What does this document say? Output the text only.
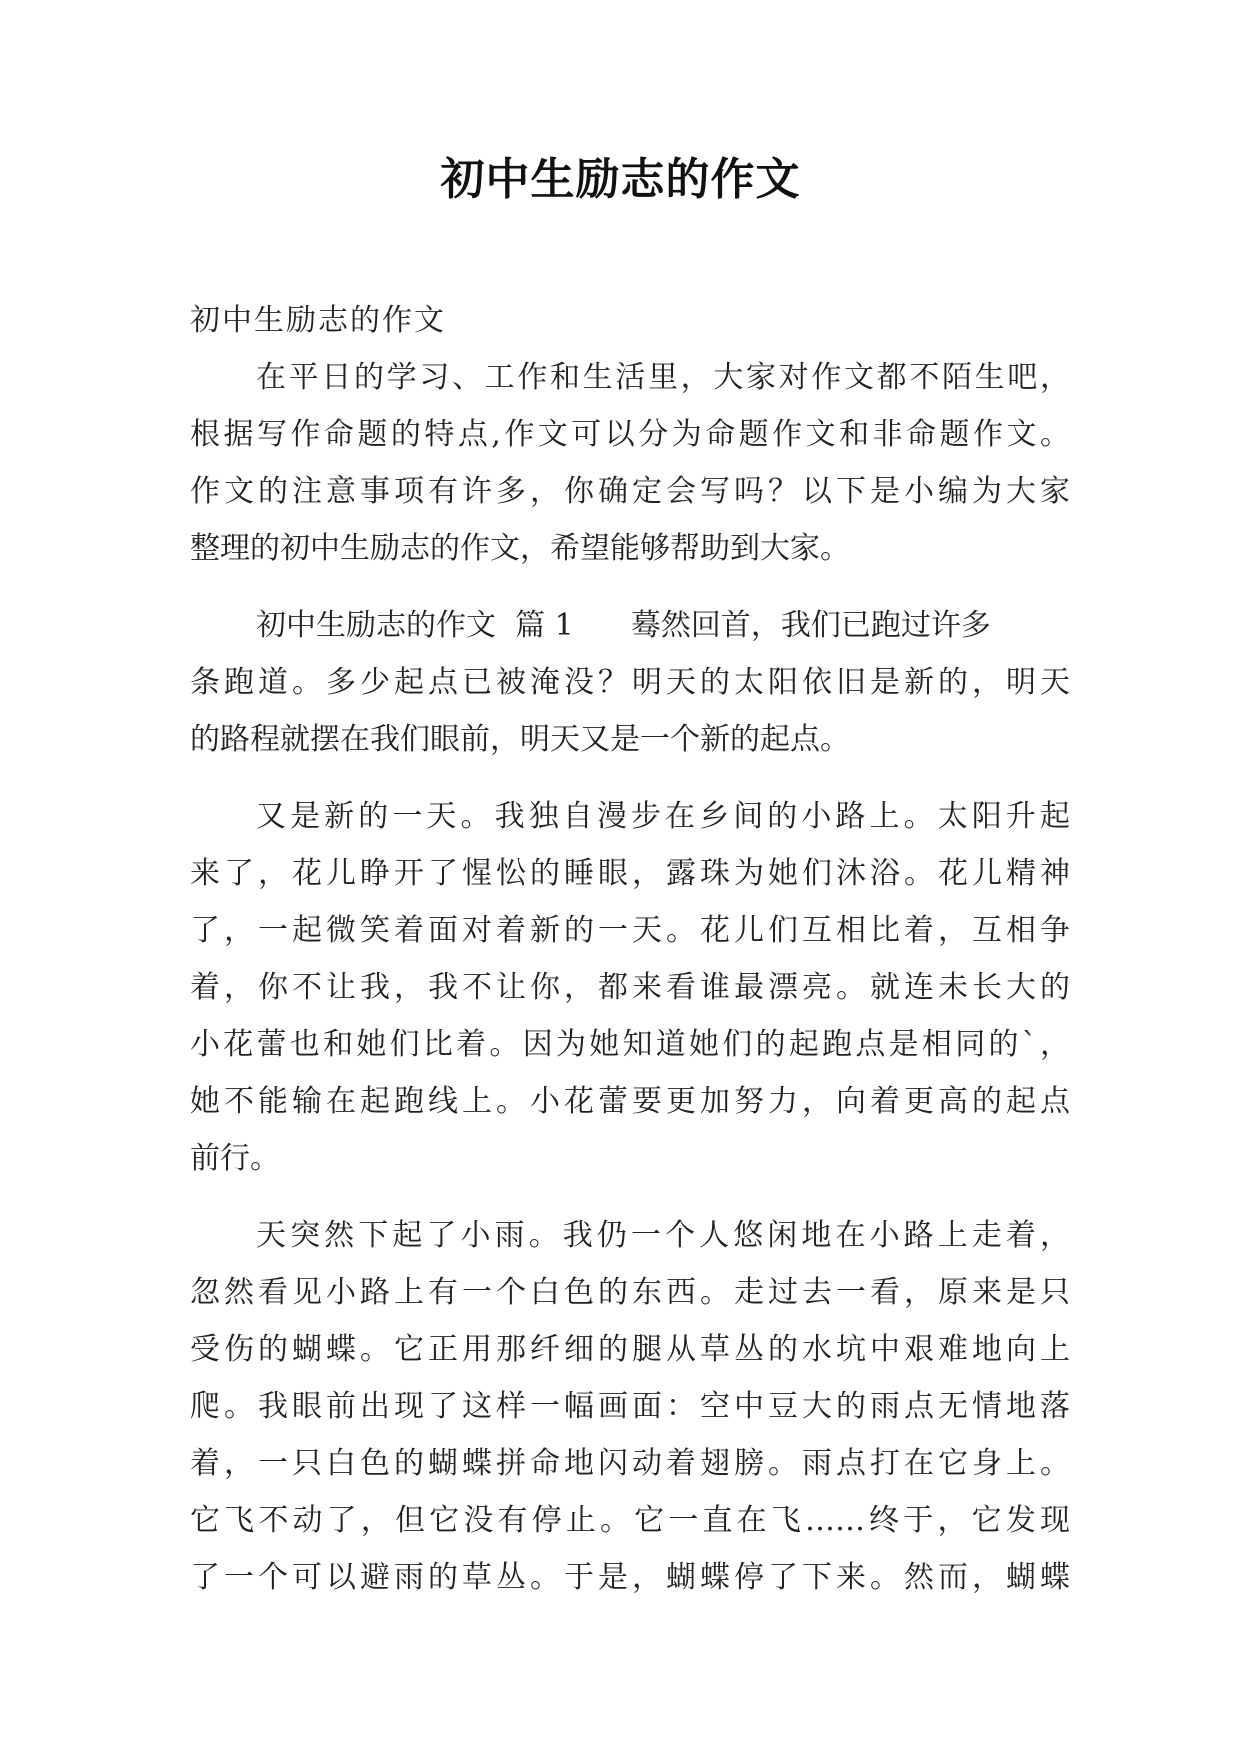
初中生励志的作文
初中生励志的作文
在平日的学习、工作和生活里，大家对作文都不陌生吧，
根据写作命题的特点,作文可以分为命题作文和非命题作文。
作文的注意事项有许多，你确定会写吗？以下是小编为大家
整理的初中生励志的作文，希望能够帮助到大家。
初中生励志的作文  篇 1      蓦然回首，我们已跑过许多
条跑道。多少起点已被淹没？明天的太阳依旧是新的，明天
的路程就摆在我们眼前，明天又是一个新的起点。
又是新的一天。我独自漫步在乡间的小路上。太阳升起
来了，花儿睁开了惺忪的睡眼，露珠为她们沐浴。花儿精神
了，一起微笑着面对着新的一天。花儿们互相比着，互相争
着，你不让我，我不让你，都来看谁最漂亮。就连未长大的
小花蕾也和她们比着。因为她知道她们的起跑点是相同的`，
她不能输在起跑线上。小花蕾要更加努力，向着更高的起点
前行。
天突然下起了小雨。我仍一个人悠闲地在小路上走着，
忽然看见小路上有一个白色的东西。走过去一看，原来是只
受伤的蝴蝶。它正用那纤细的腿从草丛的水坑中艰难地向上
爬。我眼前出现了这样一幅画面：空中豆大的雨点无情地落
着，一只白色的蝴蝶拼命地闪动着翅膀。雨点打在它身上。
它飞不动了，但它没有停止。它一直在飞……终于，它发现
了一个可以避雨的草丛。于是，蝴蝶停了下来。然而，蝴蝶
